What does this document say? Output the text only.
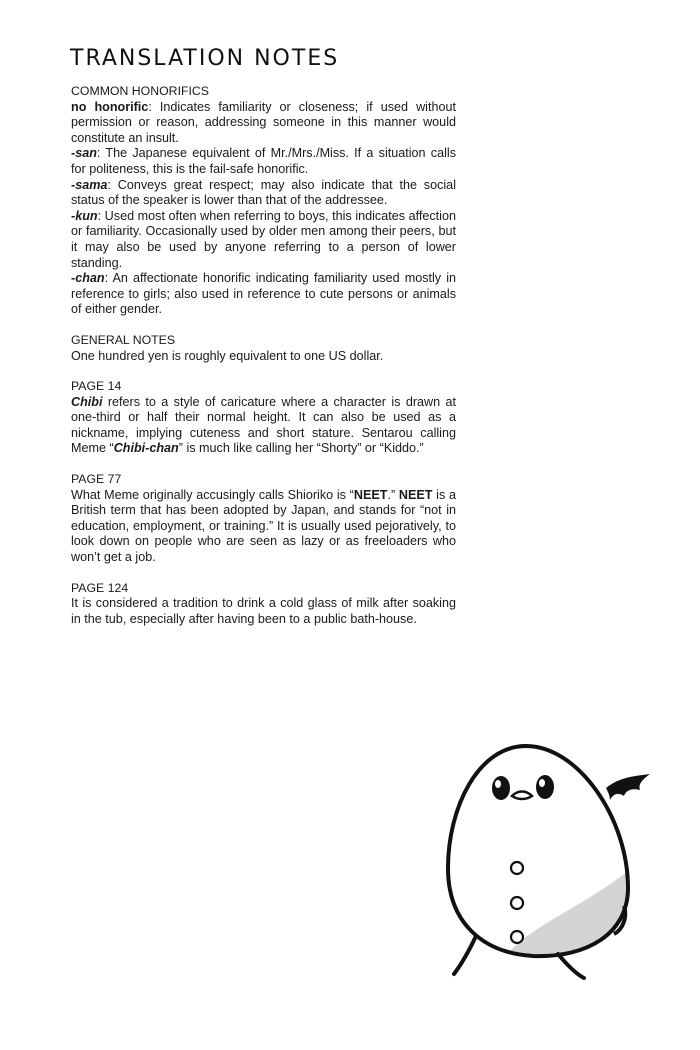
TRANSLATION NOTES
COMMON HONORIFICS
no honorific: Indicates familiarity or closeness; if used without permission or reason, addressing someone in this manner would constitute an insult.
-san: The Japanese equivalent of Mr./Mrs./Miss. If a situation calls for politeness, this is the fail-safe honorific.
-sama: Conveys great respect; may also indicate that the social status of the speaker is lower than that of the addressee.
-kun: Used most often when referring to boys, this indicates affection or familiarity. Occasionally used by older men among their peers, but it may also be used by anyone referring to a person of lower standing.
-chan: An affectionate honorific indicating familiarity used mostly in reference to girls; also used in reference to cute persons or animals of either gender.
GENERAL NOTES
One hundred yen is roughly equivalent to one US dollar.
PAGE 14
Chibi refers to a style of caricature where a character is drawn at one-third or half their normal height. It can also be used as a nickname, implying cuteness and short stature. Sentarou calling Meme “Chibi-chan” is much like calling her “Shorty” or “Kiddo.”
PAGE 77
What Meme originally accusingly calls Shioriko is “NEET.” NEET is a British term that has been adopted by Japan, and stands for “not in education, employment, or training.” It is usually used pejoratively, to look down on people who are seen as lazy or as freeloaders who won’t get a job.
PAGE 124
It is considered a tradition to drink a cold glass of milk after soaking in the tub, especially after having been to a public bath-house.
